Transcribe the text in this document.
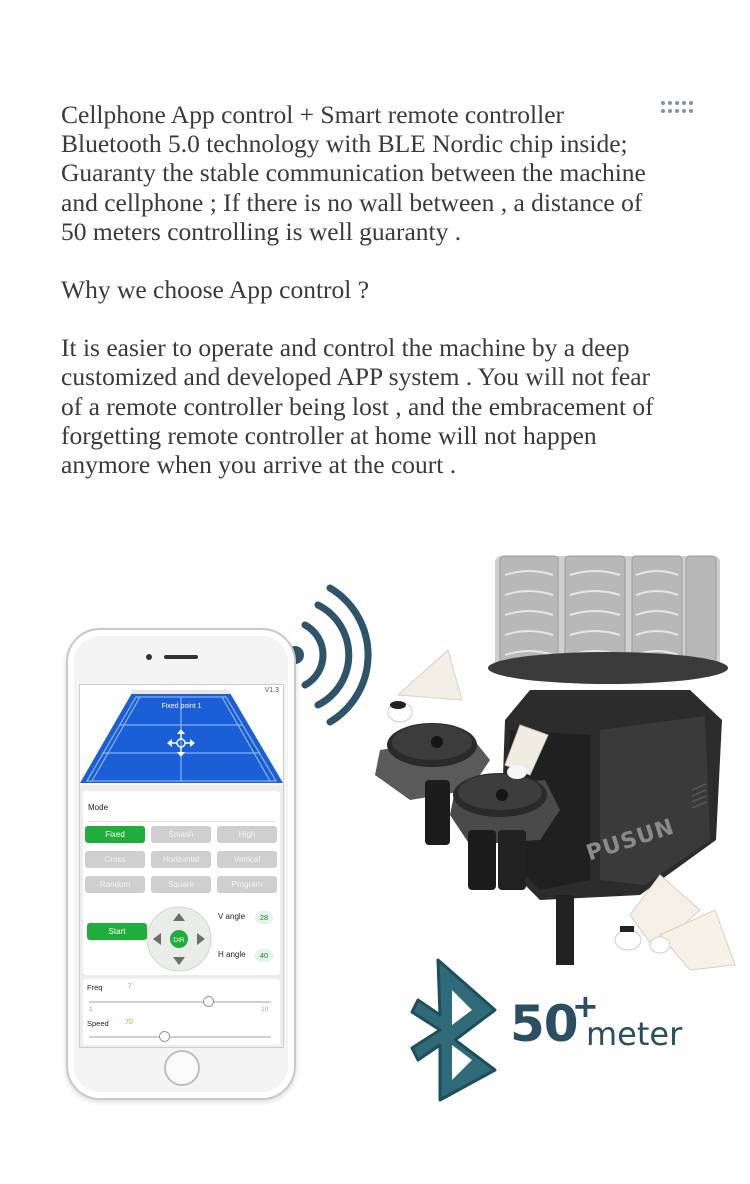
Cellphone App control + Smart remote controller

Bluetooth 5.0 technology with BLE Nordic chip inside;

Guaranty the stable communication between the machine

and cellphone ; If there is no wall between , a distance of

50 meters controlling is well guaranty .

Why we choose App control ?

It is easier to operate and control the machine by a deep

customized and developed APP system . You will not fear

of a remote controller being lost , and the embracement of

forgetting remote controller at home will not happen

anymore when you arrive at the court .

PUSUN
50
+
meter
V1.3
Fixed point 1
Mode
Fixed	Smash	High
Cross	Horizontal	Vertical
Random	Square	Program
DIR
Start
V angle	28
H angle	40
Freq	7
1	10
Speed 70
